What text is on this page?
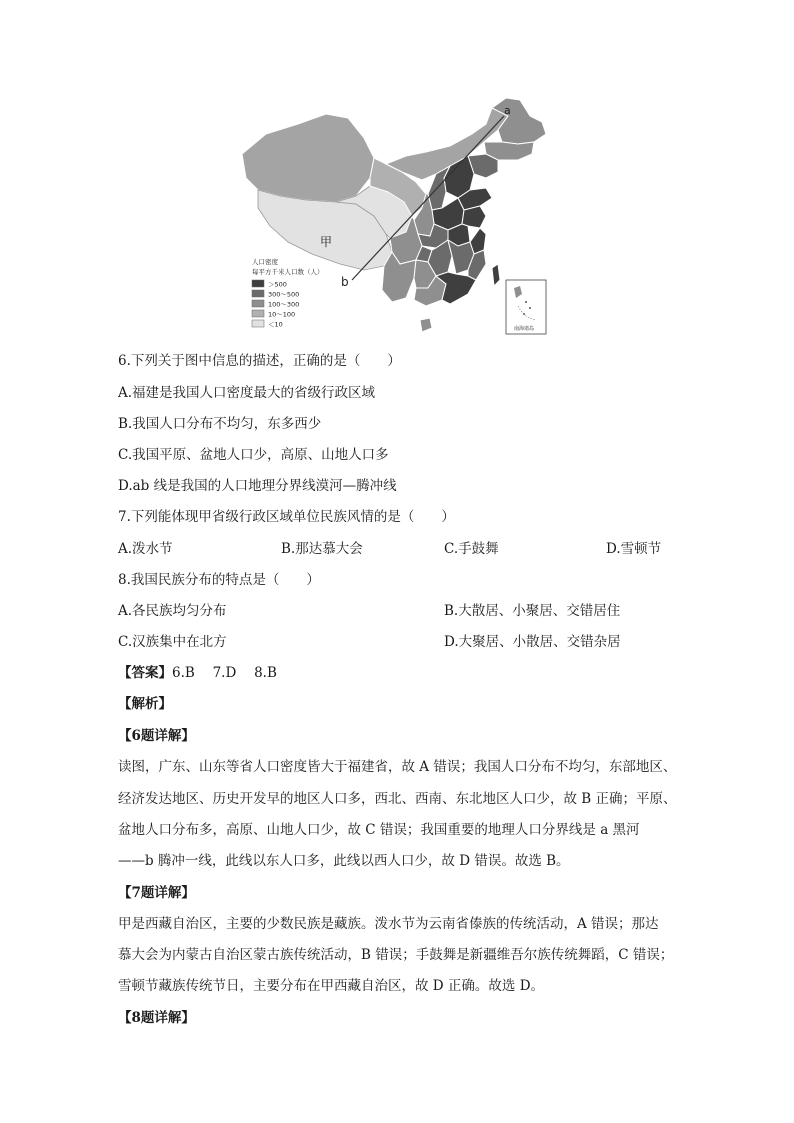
a
b
甲
人口密度
每平方千米人口数（人）
＞500
300～500
100～300
10～100
＜10
南海诸岛
6.下列关于图中信息的描述，正确的是（　　）
A.福建是我国人口密度最大的省级行政区域
B.我国人口分布不均匀，东多西少
C.我国平原、盆地人口少，高原、山地人口多
D.ab 线是我国的人口地理分界线漠河—腾冲线
7.下列能体现甲省级行政区域单位民族风情的是（　　）
A.泼水节	B.那达慕大会	C.手鼓舞	D.雪顿节
8.我国民族分布的特点是（　　）
A.各民族均匀分布	B.大散居、小聚居、交错居住
C.汉族集中在北方	D.大聚居、小散居、交错杂居
【答案】6.B　 7.D　 8.B
【解析】
【6题详解】
读图，广东、山东等省人口密度皆大于福建省，故 A 错误；我国人口分布不均匀，东部地区、
经济发达地区、历史开发早的地区人口多，西北、西南、东北地区人口少，故 B 正确；平原、
盆地人口分布多，高原、山地人口少，故 C 错误；我国重要的地理人口分界线是 a 黑河
——b 腾冲一线，此线以东人口多，此线以西人口少，故 D 错误。故选 B。
【7题详解】
甲是西藏自治区，主要的少数民族是藏族。泼水节为云南省傣族的传统活动，A 错误；那达
慕大会为内蒙古自治区蒙古族传统活动，B 错误；手鼓舞是新疆维吾尔族传统舞蹈，C 错误；
雪顿节藏族传统节日，主要分布在甲西藏自治区，故 D 正确。故选 D。
【8题详解】
